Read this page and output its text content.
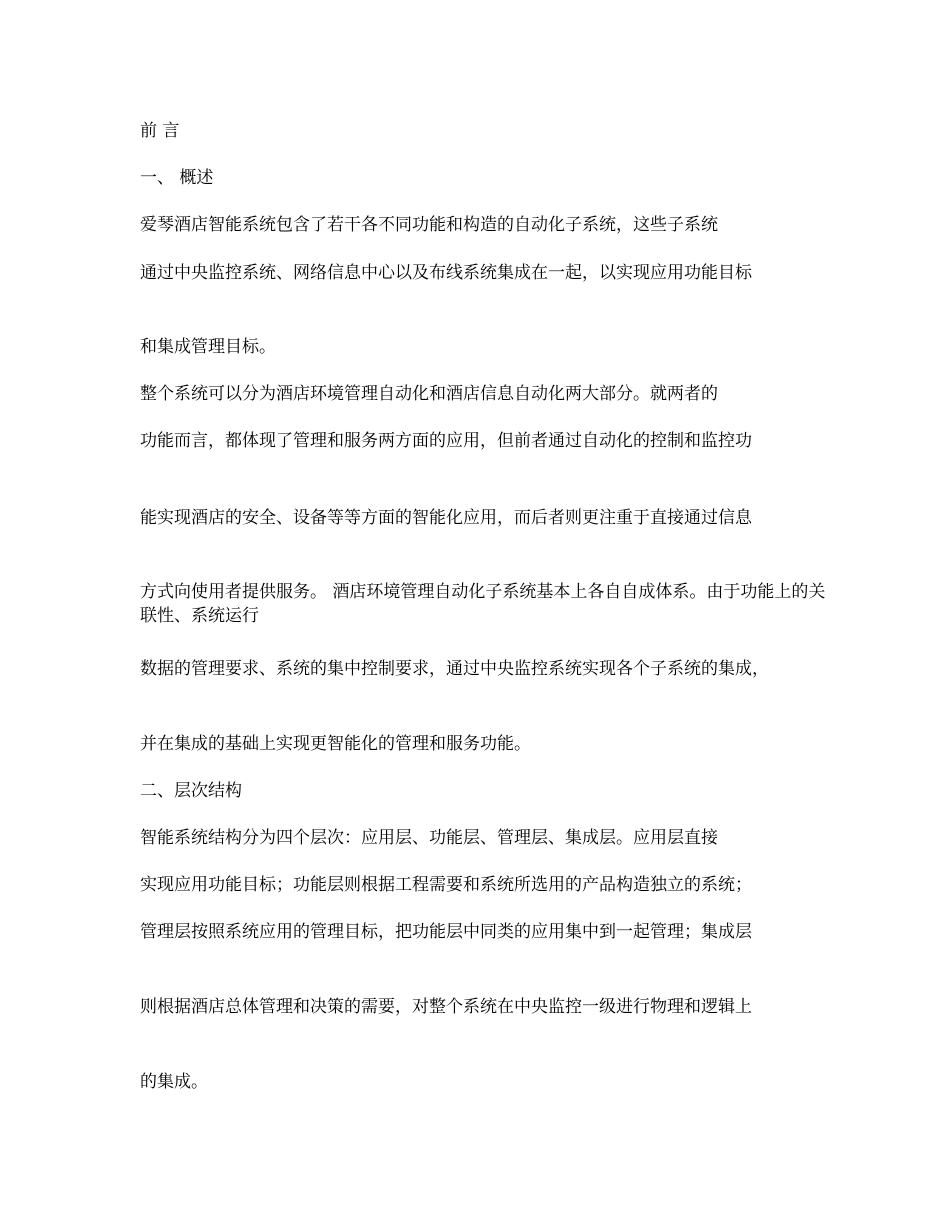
前 言

一、 概述

爱琴酒店智能系统包含了若干各不同功能和构造的自动化子系统，这些子系统

通过中央监控系统、网络信息中心以及布线系统集成在一起，以实现应用功能目标

和集成管理目标。

整个系统可以分为酒店环境管理自动化和酒店信息自动化两大部分。就两者的

功能而言，都体现了管理和服务两方面的应用，但前者通过自动化的控制和监控功

能实现酒店的安全、设备等等方面的智能化应用，而后者则更注重于直接通过信息

方式向使用者提供服务。 酒店环境管理自动化子系统基本上各自自成体系。由于功能上的关联性、系统运行

数据的管理要求、系统的集中控制要求，通过中央监控系统实现各个子系统的集成，

并在集成的基础上实现更智能化的管理和服务功能。

二、层次结构

智能系统结构分为四个层次：应用层、功能层、管理层、集成层。应用层直接

实现应用功能目标；功能层则根据工程需要和系统所选用的产品构造独立的系统；

管理层按照系统应用的管理目标，把功能层中同类的应用集中到一起管理；集成层

则根据酒店总体管理和决策的需要，对整个系统在中央监控一级进行物理和逻辑上

的集成。
